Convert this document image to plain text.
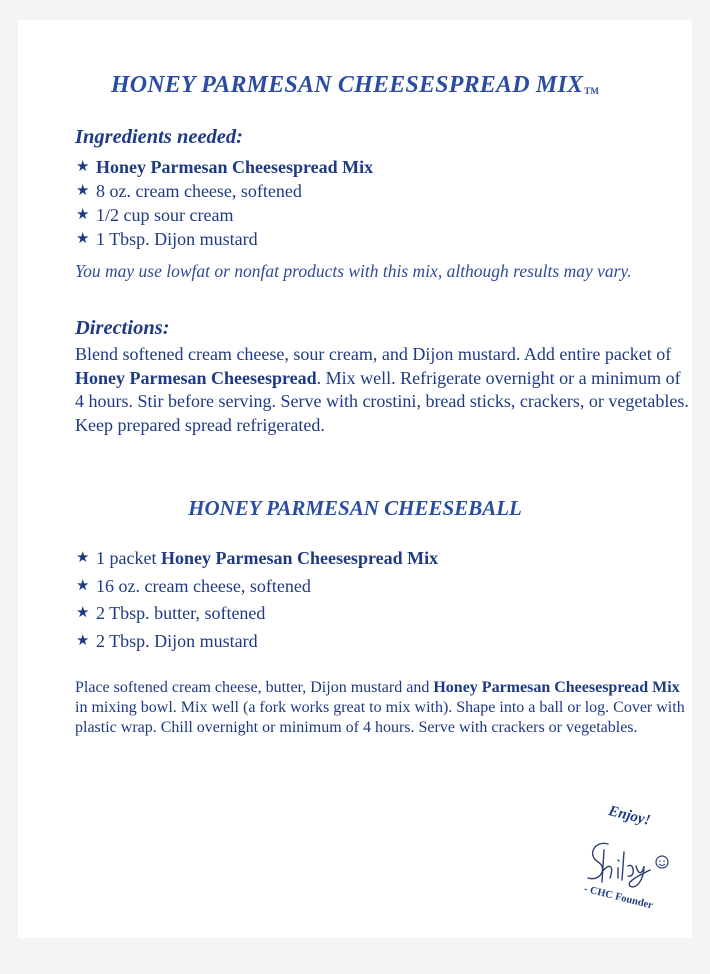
HONEY PARMESAN CHEESESPREAD MIXTM
Ingredients needed:
★ Honey Parmesan Cheesespread Mix
★ 8 oz. cream cheese, softened
★ 1/2 cup sour cream
★ 1 Tbsp. Dijon mustard
You may use lowfat or nonfat products with this mix, although results may vary.
Directions:
Blend softened cream cheese, sour cream, and Dijon mustard. Add entire packet of Honey Parmesan Cheesespread. Mix well. Refrigerate overnight or a minimum of 4 hours. Stir before serving. Serve with crostini, bread sticks, crackers, or vegetables. Keep prepared spread refrigerated.
HONEY PARMESAN CHEESEBALL
★ 1 packet Honey Parmesan Cheesespread Mix
★ 16 oz. cream cheese, softened
★ 2 Tbsp. butter, softened
★ 2 Tbsp. Dijon mustard
Place softened cream cheese, butter, Dijon mustard and Honey Parmesan Cheesespread Mix in mixing bowl. Mix well (a fork works great to mix with). Shape into a ball or log. Cover with plastic wrap. Chill overnight or minimum of 4 hours. Serve with crackers or vegetables.
Enjoy!
- CHC Founder
